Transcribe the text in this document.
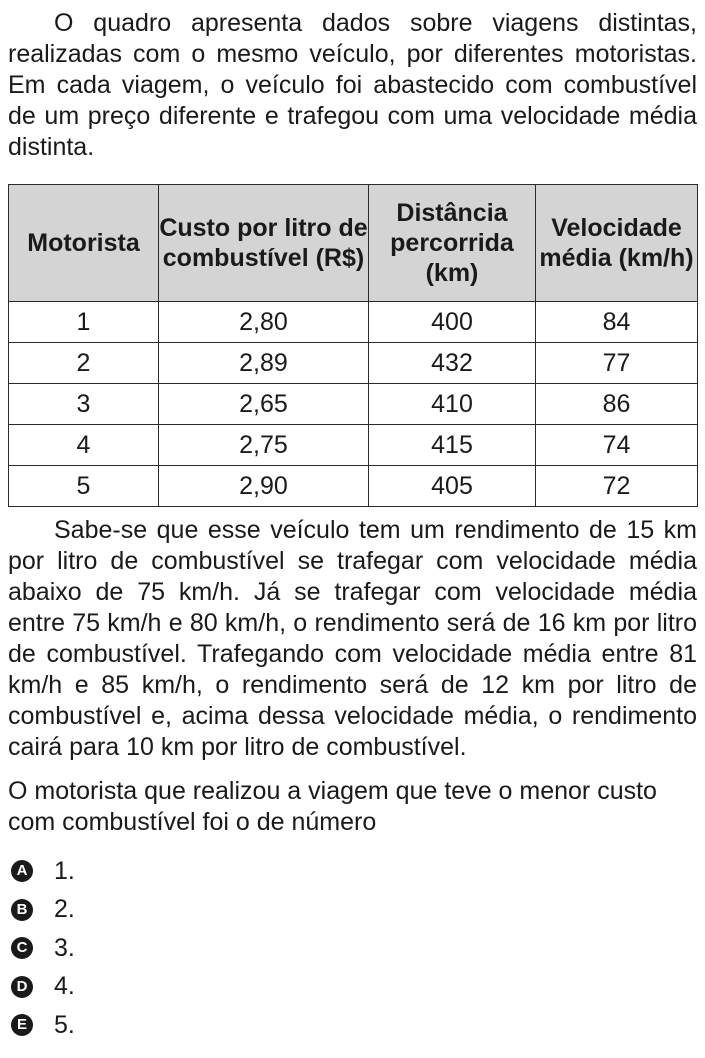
O quadro apresenta dados sobre viagens distintas, realizadas com o mesmo veículo, por diferentes motoristas. Em cada viagem, o veículo foi abastecido com combustível de um preço diferente e trafegou com uma velocidade média distinta.

Motorista	Custo por litro de combustível (R$)	Distância percorrida (km)	Velocidade média (km/h)
1	2,80	400	84
2	2,89	432	77
3	2,65	410	86
4	2,75	415	74
5	2,90	405	72

Sabe-se que esse veículo tem um rendimento de 15 km por litro de combustível se trafegar com velocidade média abaixo de 75 km/h. Já se trafegar com velocidade média entre 75 km/h e 80 km/h, o rendimento será de 16 km por litro de combustível. Trafegando com velocidade média entre 81 km/h e 85 km/h, o rendimento será de 12 km por litro de combustível e, acima dessa velocidade média, o rendimento cairá para 10 km por litro de combustível.

O motorista que realizou a viagem que teve o menor custo com combustível foi o de número

A 1.
B 2.
C 3.
D 4.
E 5.
